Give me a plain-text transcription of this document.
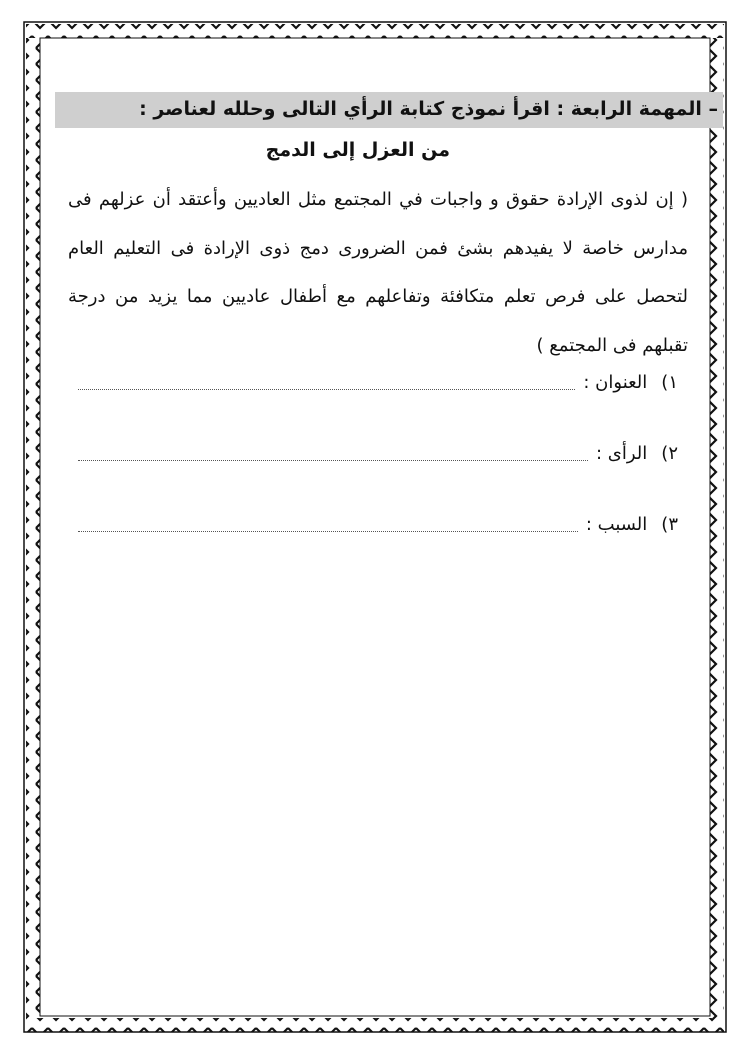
– المهمة الرابعة : اقرأ نموذج كتابة الرأي التالى وحلله لعناصر :
من العزل إلى الدمج
( إن لذوى الإرادة حقوق و واجبات في المجتمع مثل العاديين وأعتقد أن عزلهم فى مدارس خاصة لا يفيدهم بشئ فمن الضرورى دمج ذوى الإرادة فى التعليم العام لتحصل على فرص تعلم متكافئة وتفاعلهم مع أطفال عاديين مما يزيد من درجة تقبلهم فى المجتمع )
١)
العنوان :
٢)
الرأى :
٣)
السبب :
